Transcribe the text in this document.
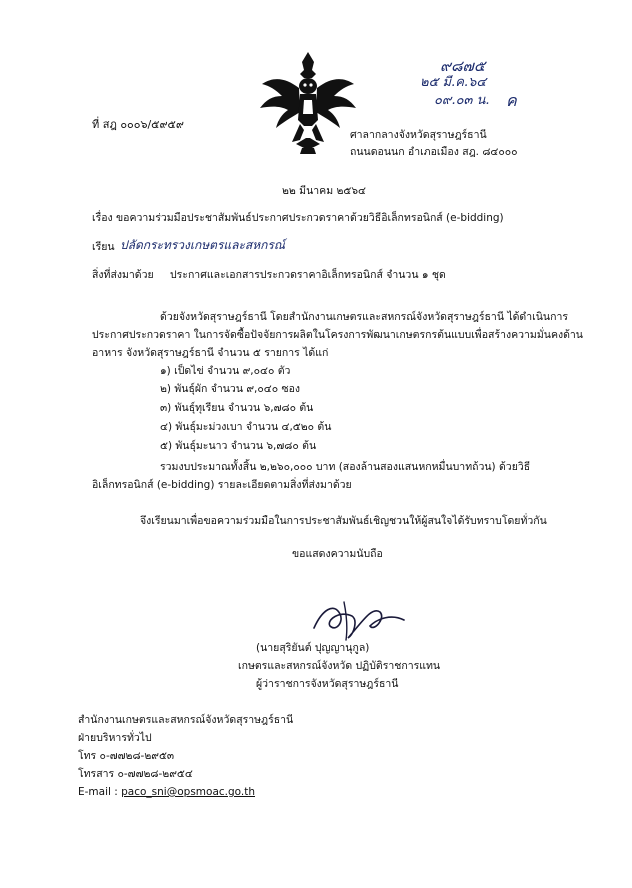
๙๘๗๕
๒๕ มี.ค.๖๔
๐๙.๐๓ น. ค
ที่ สฎ ๐๐๐๖/๕๙๕๙
ศาลากลางจังหวัดสุราษฎร์ธานี
ถนนดอนนก อำเภอเมือง สฎ. ๘๔๐๐๐
๒๒ มีนาคม ๒๕๖๔
เรื่อง ขอความร่วมมือประชาสัมพันธ์ประกาศประกวดราคาด้วยวิธีอิเล็กทรอนิกส์ (e-bidding)
เรียน ปลัดกระทรวงเกษตรและสหกรณ์
สิ่งที่ส่งมาด้วย ประกาศและเอกสารประกวดราคาอิเล็กทรอนิกส์ จำนวน ๑ ชุด
ด้วยจังหวัดสุราษฎร์ธานี โดยสำนักงานเกษตรและสหกรณ์จังหวัดสุราษฎร์ธานี ได้ดำเนินการ
ประกาศประกวดราคา ในการจัดซื้อปัจจัยการผลิตในโครงการพัฒนาเกษตรกรต้นแบบเพื่อสร้างความมั่นคงด้าน
อาหาร จังหวัดสุราษฎร์ธานี จำนวน ๕ รายการ ได้แก่
๑) เป็ดไข่ จำนวน ๙,๐๔๐ ตัว
๒) พันธุ์ผัก จำนวน ๙,๐๔๐ ซอง
๓) พันธุ์ทุเรียน จำนวน ๖,๗๘๐ ต้น
๔) พันธุ์มะม่วงเบา จำนวน ๔,๕๒๐ ต้น
๕) พันธุ์มะนาว จำนวน ๖,๗๘๐ ต้น
รวมงบประมาณทั้งสิ้น ๒,๒๖๐,๐๐๐ บาท (สองล้านสองแสนหกหมื่นบาทถ้วน) ด้วยวิธี
อิเล็กทรอนิกส์ (e-bidding) รายละเอียดตามสิ่งที่ส่งมาด้วย
จึงเรียนมาเพื่อขอความร่วมมือในการประชาสัมพันธ์เชิญชวนให้ผู้สนใจได้รับทราบโดยทั่วกัน
ขอแสดงความนับถือ
(นายสุริยันต์ ปุญญานุกูล)
เกษตรและสหกรณ์จังหวัด ปฏิบัติราชการแทน
ผู้ว่าราชการจังหวัดสุราษฎร์ธานี
สำนักงานเกษตรและสหกรณ์จังหวัดสุราษฎร์ธานี
ฝ่ายบริหารทั่วไป
โทร ๐-๗๗๒๘-๒๙๕๓
โทรสาร ๐-๗๗๒๘-๒๙๕๔
E-mail : paco_sni@opsmoac.go.th
